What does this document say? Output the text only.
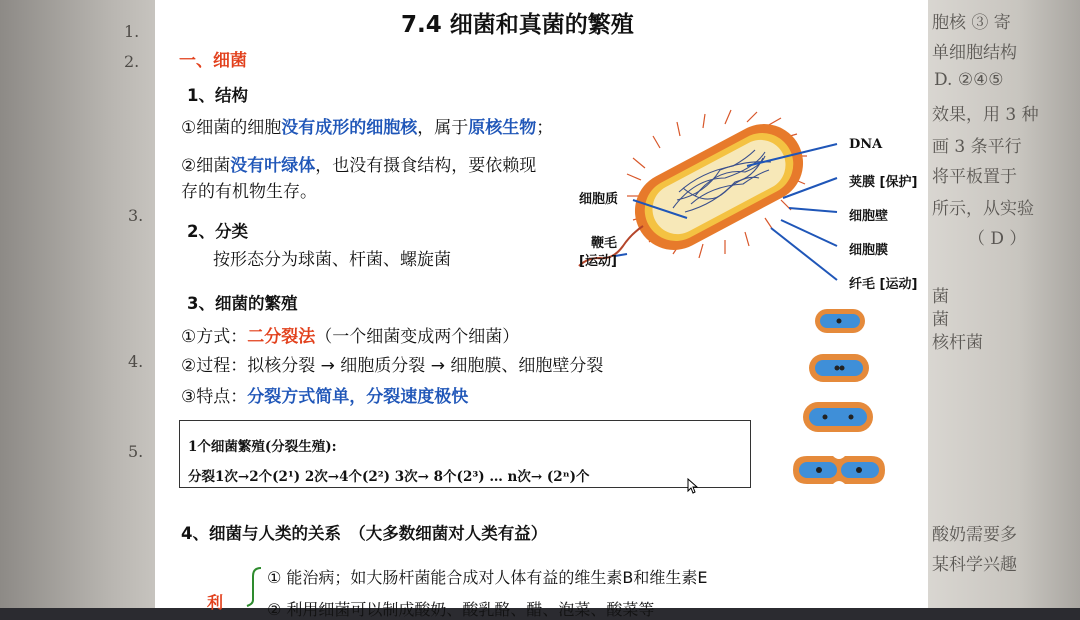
1.
2.
3.
4.
5.
胞核 ③ 寄
单细胞结构
D. ②④⑤
效果，用 3 种
画 3 条平行
将平板置于
所示，从实验
（ D ）
菌
菌
核杆菌
酸奶需要多
某科学兴趣
7.4 细菌和真菌的繁殖
一、细菌
1、结构
①细菌的细胞没有成形的细胞核，属于原核生物；
②细菌没有叶绿体，也没有摄食结构，要依赖现
存的有机物生存。
2、分类
按形态分为球菌、杆菌、螺旋菌
3、细菌的繁殖
①方式：二分裂法（一个细菌变成两个细菌）
②过程：拟核分裂 → 细胞质分裂 → 细胞膜、细胞壁分裂
③特点：分裂方式简单，分裂速度极快
1个细菌繁殖(分裂生殖):
分裂1次→2个(2¹) 2次→4个(2²) 3次→ 8个(2³) … n次→ (2ⁿ)个
4、细菌与人类的关系　（大多数细菌对人类有益）
利
① 能治病；如大肠杆菌能合成对人体有益的维生素B和维生素E
② 利用细菌可以制成酸奶、酸乳酪、醋、泡菜、酸菜等
DNA
荚膜 [保护]
细胞壁
细胞膜
纤毛 [运动]
细胞质
鞭毛
[运动]
